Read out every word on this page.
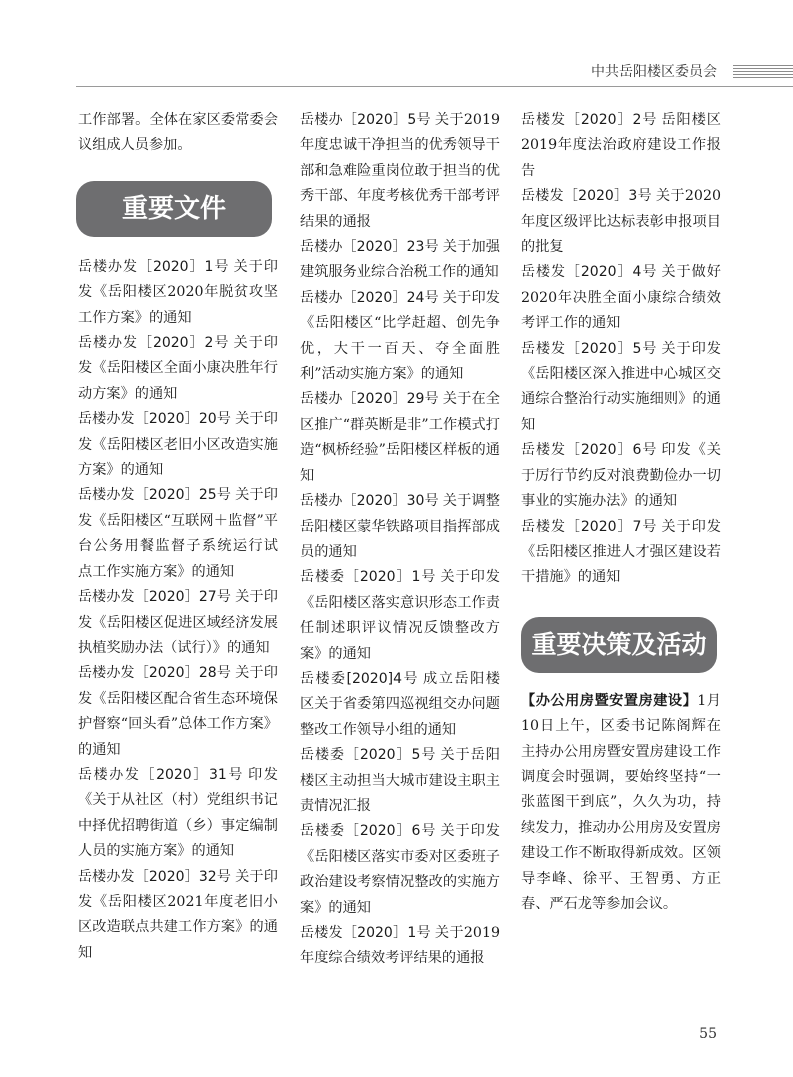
中共岳阳楼区委员会

工作部署。全体在家区委常委会议组成人员参加。

重要文件

岳楼办发［2020］1号 关于印发《岳阳楼区2020年脱贫攻坚工作方案》的通知

岳楼办发［2020］2号 关于印发《岳阳楼区全面小康决胜年行动方案》的通知

岳楼办发［2020］20号 关于印发《岳阳楼区老旧小区改造实施方案》的通知

岳楼办发［2020］25号 关于印发《岳阳楼区“互联网＋监督”平台公务用餐监督子系统运行试 点工作实施方案》的通知

岳楼办发［2020］27号 关于印发《岳阳楼区促进区域经济发展执植奖励办法（试行）》的通知

岳楼办发［2020］28号 关于印发《岳阳楼区配合省生态环境保护督察“回头看”总体工作方案》的通知

岳楼办发［2020］31号 印发《关于从社区（村）党组织书记中择优招聘街道（乡）事定编制人员的实施方案》的通知

岳楼办发［2020］32号 关于印发《岳阳楼区2021年度老旧小区改造联点共建工作方案》的通知

岳楼办［2020］5号 关于2019年度忠诚干净担当的优秀领导干部和急难险重岗位敢于担当的优秀干部、年度考核优秀干部考评结果的通报

岳楼办［2020］23号 关于加强建筑服务业综合治税工作的通知

岳楼办［2020］24号 关于印发《岳阳楼区“比学赶超、创先争优，大干一百天、夺全面胜利”活动实施方案》的通知

岳楼办［2020］29号 关于在全区推广“群英断是非”工作模式打造“枫桥经验”岳阳楼区样板的通知

岳楼办［2020］30号 关于调整岳阳楼区蒙华铁路项目指挥部成员的通知

岳楼委［2020］1号 关于印发《岳阳楼区落实意识形态工作责任制述职评议情况反馈整改方案》的通知

岳楼委[2020]4号 成立岳阳楼区关于省委第四巡视组交办问题整改工作领导小组的通知

岳楼委［2020］5号 关于岳阳楼区主动担当大城市建设主职主责情况汇报

岳楼委［2020］6号 关于印发《岳阳楼区落实市委对区委班子政治建设考察情况整改的实施方案》的通知

岳楼发［2020］1号 关于2019年度综合绩效考评结果的通报

岳楼发［2020］2号 岳阳楼区2019年度法治政府建设工作报告

岳楼发［2020］3号 关于2020年度区级评比达标表彰申报项目的批复

岳楼发［2020］4号 关于做好2020年决胜全面小康综合绩效考评工作的通知

岳楼发［2020］5号 关于印发《岳阳楼区深入推进中心城区交通综合整治行动实施细则》的通知

岳楼发［2020］6号 印发《关于厉行节约反对浪费勤俭办一切事业的实施办法》的通知

岳楼发［2020］7号 关于印发《岳阳楼区推进人才强区建设若干措施》的通知

重要决策及活动

【办公用房暨安置房建设】1月10日上午，区委书记陈阁辉在主持办公用房暨安置房建设工作调度会时强调，要始终坚持“一张蓝图干到底”，久久为功，持续发力，推动办公用房及安置房建设工作不断取得新成效。区领导李峰、徐平、王智勇、方正春、严石龙等参加会议。

55
